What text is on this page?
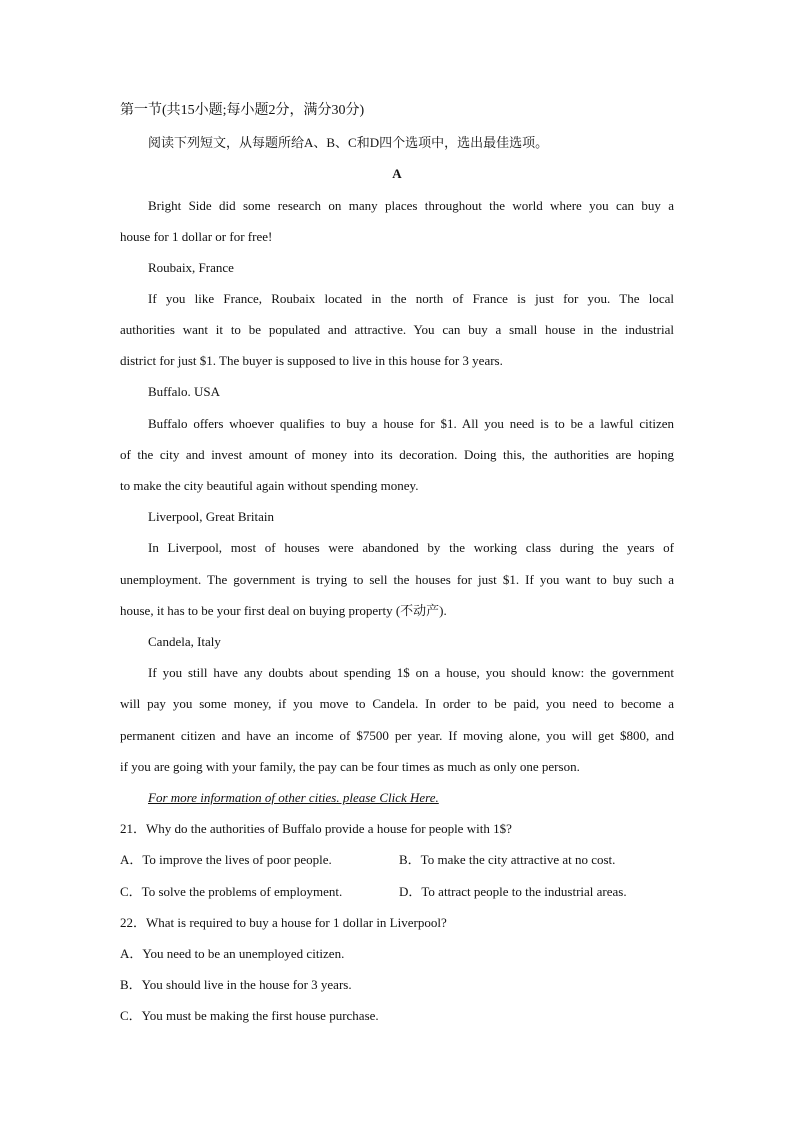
第一节(共15小题;每小题2分，满分30分)
阅读下列短文，从每题所给A、B、C和D四个选项中，选出最佳选项。
A
Bright Side did some research on many places throughout the world where you can buy a
house for 1 dollar or for free!
Roubaix, France
If you like France, Roubaix located in the north of France is just for you. The local
authorities want it to be populated and attractive. You can buy a small house in the industrial
district for just $1. The buyer is supposed to live in this house for 3 years.
Buffalo. USA
Buffalo offers whoever qualifies to buy a house for $1. All you need is to be a lawful citizen
of the city and invest amount of money into its decoration. Doing this, the authorities are hoping
to make the city beautiful again without spending money.
Liverpool, Great Britain
In Liverpool, most of houses were abandoned by the working class during the years of
unemployment. The government is trying to sell the houses for just $1. If you want to buy such a
house, it has to be your first deal on buying property (不动产).
Candela, Italy
If you still have any doubts about spending 1$ on a house, you should know: the government
will pay you some money, if you move to Candela. In order to be paid, you need to become a
permanent citizen and have an income of $7500 per year. If moving alone, you will get $800, and
if you are going with your family, the pay can be four times as much as only one person.
For more information of other cities. please Click Here.
21．Why do the authorities of Buffalo provide a house for people with 1$?
A．To improve the lives of poor people.	B．To make the city attractive at no cost.
C．To solve the problems of employment.	D．To attract people to the industrial areas.
22．What is required to buy a house for 1 dollar in Liverpool?
A．You need to be an unemployed citizen.
B．You should live in the house for 3 years.
C．You must be making the first house purchase.
